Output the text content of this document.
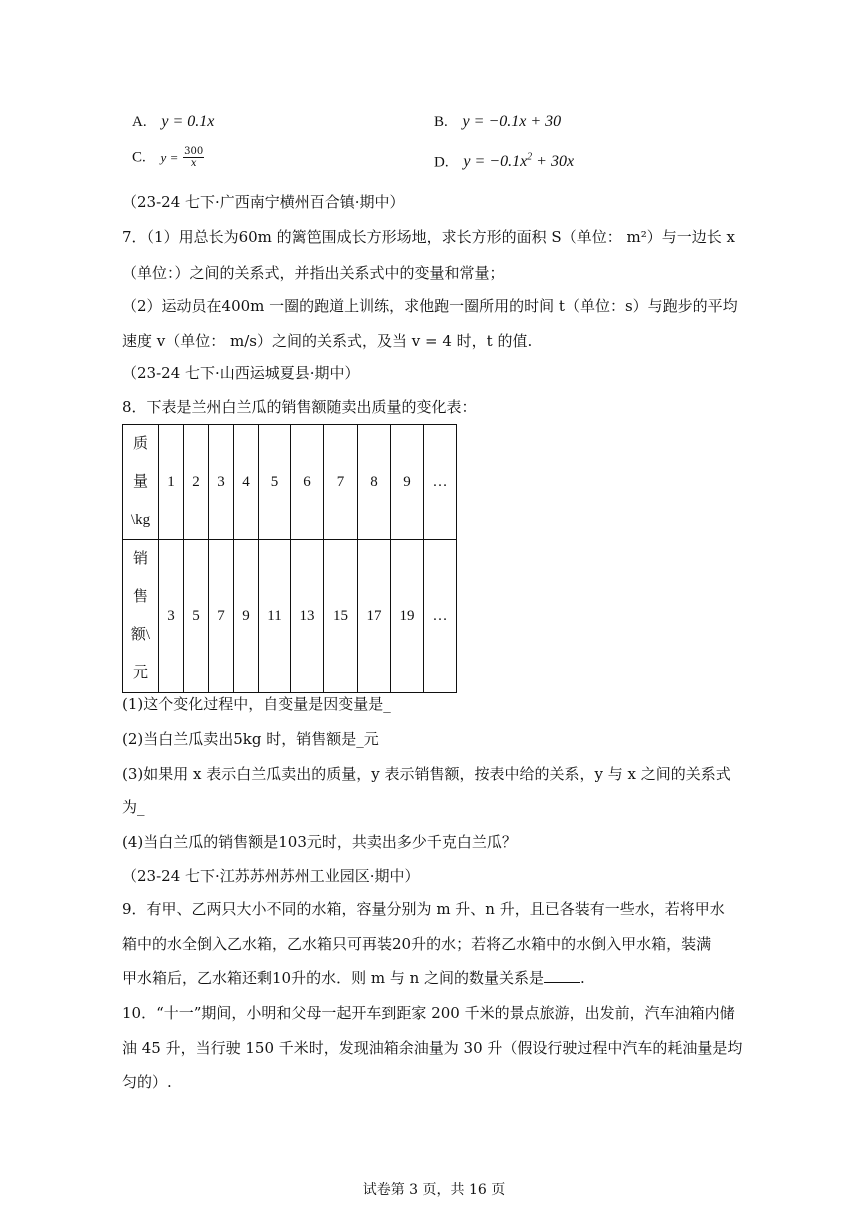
A. y = 0.1x	B. y = −0.1x + 30
C. $y = \frac{300}{x}$	D. $y = -0.1x^2 + 30x$
（23-24 七下·广西南宁横州百合镇·期中）
7．（1）用总长为60m 的篱笆围成长方形场地，求长方形的面积 S（单位： m²）与一边长 x
（单位：）之间的关系式，并指出关系式中的变量和常量；
（2）运动员在400m 一圈的跑道上训练，求他跑一圈所用的时间 t（单位：s）与跑步的平均
速度 v（单位： m/s）之间的关系式，及当 v = 4 时，t 的值.
（23-24 七下·山西运城夏县·期中）
8．下表是兰州白兰瓜的销售额随卖出质量的变化表：
质
量
\kg	1	2	3	4	5	6	7	8	9	…

销
售
额\
元	3	5	7	9	11	13	15	17	19	…
(1)这个变化过程中，自变量是因变量是_
(2)当白兰瓜卖出5kg 时，销售额是_元
(3)如果用 x 表示白兰瓜卖出的质量，y 表示销售额，按表中给的关系，y 与 x 之间的关系式
为_
(4)当白兰瓜的销售额是103元时，共卖出多少千克白兰瓜？
（23-24 七下·江苏苏州苏州工业园区·期中）
9．有甲、乙两只大小不同的水箱，容量分别为 m 升、n 升，且已各装有一些水，若将甲水
箱中的水全倒入乙水箱，乙水箱只可再装20升的水；若将乙水箱中的水倒入甲水箱，装满
甲水箱后，乙水箱还剩10升的水．则 m 与 n 之间的数量关系是 .
10．“十一”期间，小明和父母一起开车到距家 200 千米的景点旅游，出发前，汽车油箱内储
油 45 升，当行驶 150 千米时，发现油箱余油量为 30 升（假设行驶过程中汽车的耗油量是均
匀的）.
试卷第 3 页，共 16 页
